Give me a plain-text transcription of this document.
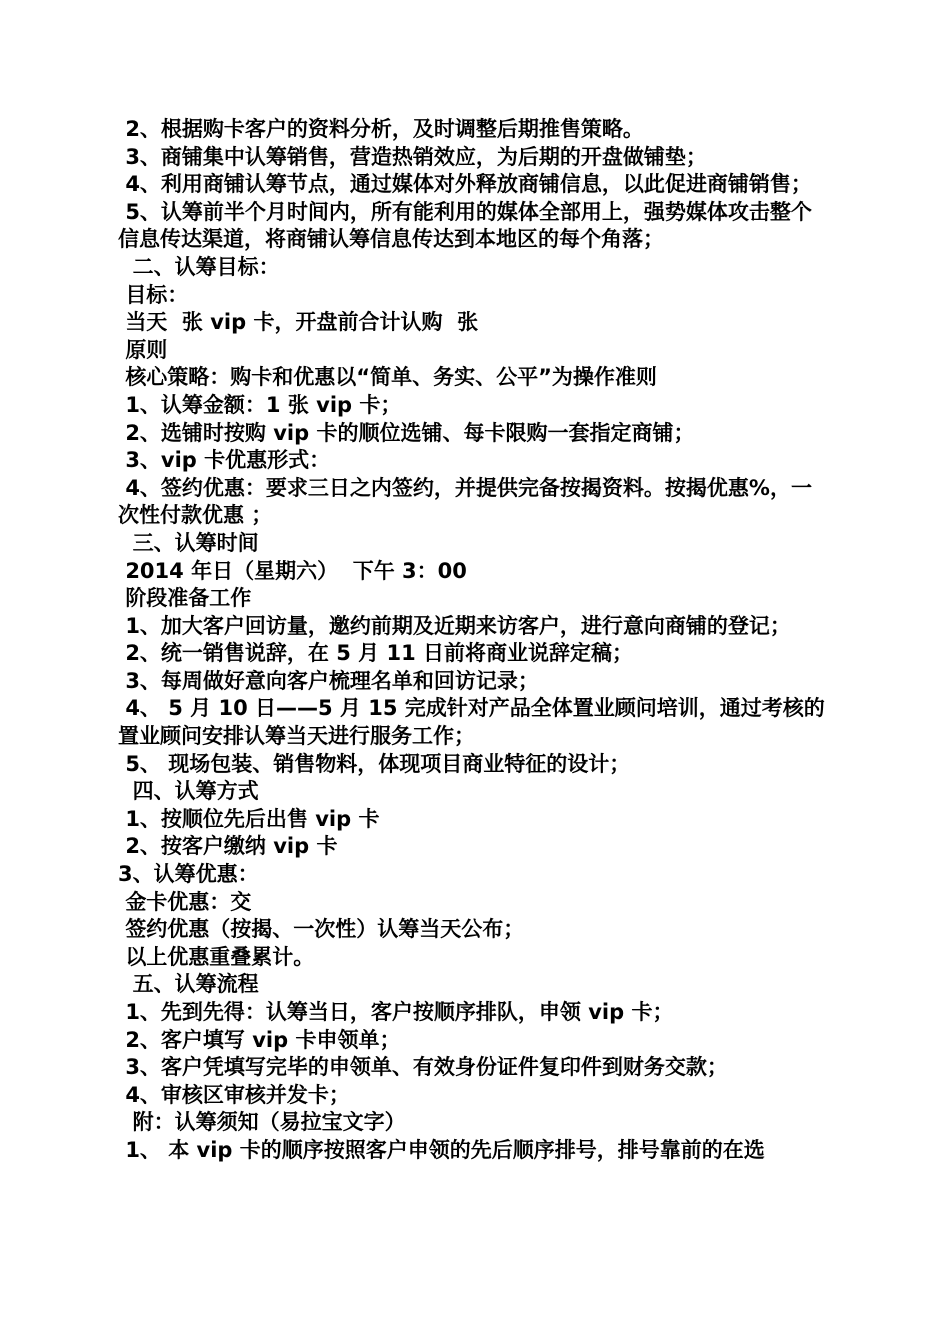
2、根据购卡客户的资料分析，及时调整后期推售策略。

3、商铺集中认筹销售，营造热销效应，为后期的开盘做铺垫；

4、利用商铺认筹节点，通过媒体对外释放商铺信息，以此促进商铺销售；

5、认筹前半个月时间内，所有能利用的媒体全部用上，强势媒体攻击整个信息传达渠道，将商铺认筹信息传达到本地区的每个角落；

二、认筹目标：

目标：

当天  张 vip 卡，开盘前合计认购  张

原则

核心策略：购卡和优惠以“简单、务实、公平”为操作准则

1、认筹金额：1 张 vip 卡；

2、选铺时按购 vip 卡的顺位选铺、每卡限购一套指定商铺；

3、vip 卡优惠形式：

4、签约优惠：要求三日之内签约，并提供完备按揭资料。按揭优惠%，一次性付款优惠 ；

三、认筹时间

2014 年日（星期六）  下午 3：00

阶段准备工作

1、加大客户回访量，邀约前期及近期来访客户，进行意向商铺的登记；

2、统一销售说辞，在 5 月 11 日前将商业说辞定稿；

3、每周做好意向客户梳理名单和回访记录；

4、 5 月 10 日——5 月 15 完成针对产品全体置业顾问培训，通过考核的置业顾问安排认筹当天进行服务工作；

5、 现场包装、销售物料，体现项目商业特征的设计；

四、认筹方式

1、按顺位先后出售 vip 卡

2、按客户缴纳 vip 卡

3、认筹优惠：

金卡优惠：交

签约优惠（按揭、一次性）认筹当天公布；

以上优惠重叠累计。

五、认筹流程

1、先到先得：认筹当日，客户按顺序排队，申领 vip 卡；

2、客户填写 vip 卡申领单；

3、客户凭填写完毕的申领单、有效身份证件复印件到财务交款；

4、审核区审核并发卡；

附：认筹须知（易拉宝文字）

1、 本 vip 卡的顺序按照客户申领的先后顺序排号，排号靠前的在选
